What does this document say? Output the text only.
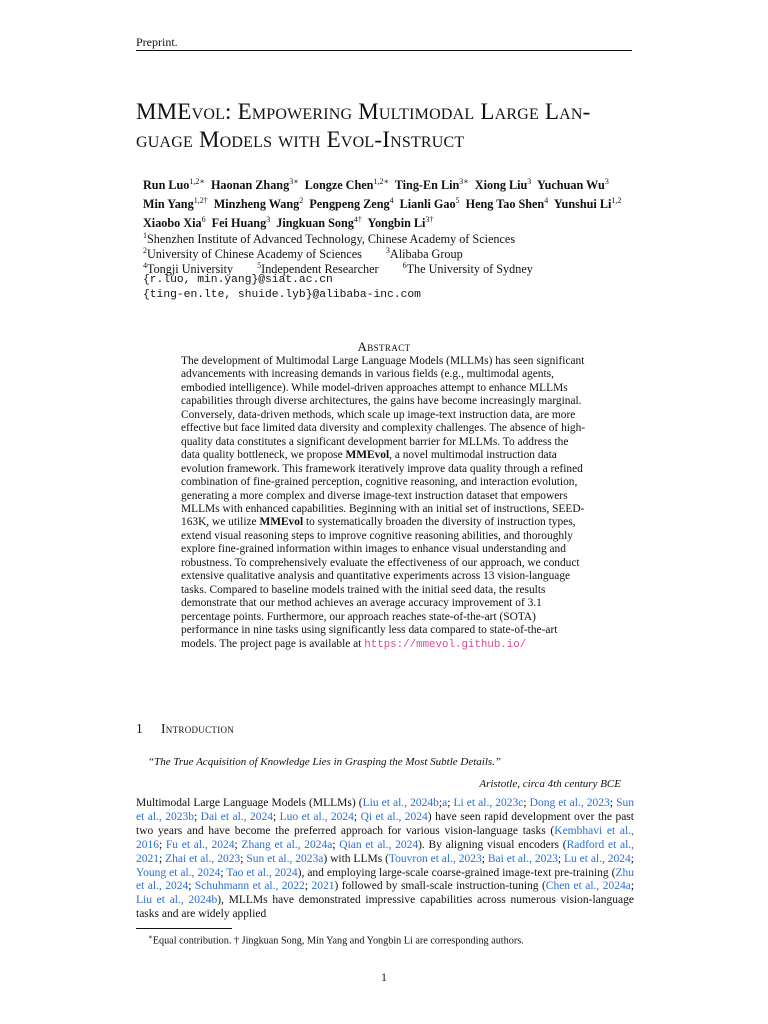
Preprint.
MMEvol: Empowering Multimodal Large Lan-
guage Models with Evol-Instruct
Run Luo$^{1,2∗}$ Haonan Zhang$^{3∗}$ Longze Chen$^{1,2∗}$ Ting-En Lin$^{3∗}$ Xiong Liu$^3$ Yuchuan Wu$^3$
Min Yang$^{1,2\dagger}$ Minzheng Wang$^2$ Pengpeng Zeng$^4$ Lianli Gao$^5$ Heng Tao Shen$^4$ Yunshui Li$^{1,2}$
Xiaobo Xia$^6$ Fei Huang$^3$ Jingkuan Song$^{4\dagger}$ Yongbin $Li^{3\dagger}$
$^1$Shenzhen Institute of Advanced Technology, Chinese Academy of Sciences
$^2$University of Chinese Academy of Sciences	$^3$Alibaba Group
$^4$Tongji University	$^5$Independent Researcher	$^6$The University of Sydney
{r.luo, min.yang}@siat.ac.cn
{ting-en.lte, shuide.lyb}@alibaba-inc.com
Abstract
The development of Multimodal Large Language Models (MLLMs) has seen significant advancements with increasing demands in various fields (e.g., multimodal agents, embodied intelligence). While model-driven approaches attempt to enhance MLLMs capabilities through diverse architectures, the gains have become increasingly marginal. Conversely, data-driven methods, which scale up image-text instruction data, are more effective but face limited data diversity and complexity challenges. The absence of high-quality data constitutes a significant development barrier for MLLMs. To address the data quality bottleneck, we propose MMEvol, a novel multimodal instruction data evolution framework. This framework iteratively improve data quality through a refined combination of fine-grained perception, cognitive reasoning, and interaction evolution, generating a more complex and diverse image-text instruction dataset that empowers MLLMs with enhanced capabilities. Beginning with an initial set of instructions, SEED-163K, we utilize MMEvol to systematically broaden the diversity of instruction types, extend visual reasoning steps to improve cognitive reasoning abilities, and thoroughly explore fine-grained information within images to enhance visual understanding and robustness. To comprehensively evaluate the effectiveness of our approach, we conduct extensive qualitative analysis and quantitative experiments across 13 vision-language tasks. Compared to baseline models trained with the initial seed data, the results demonstrate that our method achieves an average accuracy improvement of 3.1 percentage points. Furthermore, our approach reaches state-of-the-art (SOTA) performance in nine tasks using significantly less data compared to state-of-the-art models. The project page is available at https://mmevol.github.io/
1 Introduction
“The True Acquisition of Knowledge Lies in Grasping the Most Subtle Details.”
Aristotle, circa 4th century BCE
Multimodal Large Language Models (MLLMs) (Liu et al., 2024b;a; Li et al., 2023c; Dong et al., 2023; Sun et al., 2023b; Dai et al., 2024; Luo et al., 2024; Qi et al., 2024) have seen rapid development over the past two years and have become the preferred approach for various vision-language tasks (Kembhavi et al., 2016; Fu et al., 2024; Zhang et al., 2024a; Qian et al., 2024). By aligning visual encoders (Radford et al., 2021; Zhai et al., 2023; Sun et al., 2023a) with LLMs (Touvron et al., 2023; Bai et al., 2023; Lu et al., 2024; Young et al., 2024; Tao et al., 2024), and employing large-scale coarse-grained image-text pre-training (Zhu et al., 2024; Schuhmann et al., 2022; 2021) followed by small-scale instruction-tuning (Chen et al., 2024a; Liu et al., 2024b), MLLMs have demonstrated impressive capabilities across numerous vision-language tasks and are widely applied
∗Equal contribution. † Jingkuan Song, Min Yang and Yongbin Li are corresponding authors.
1
